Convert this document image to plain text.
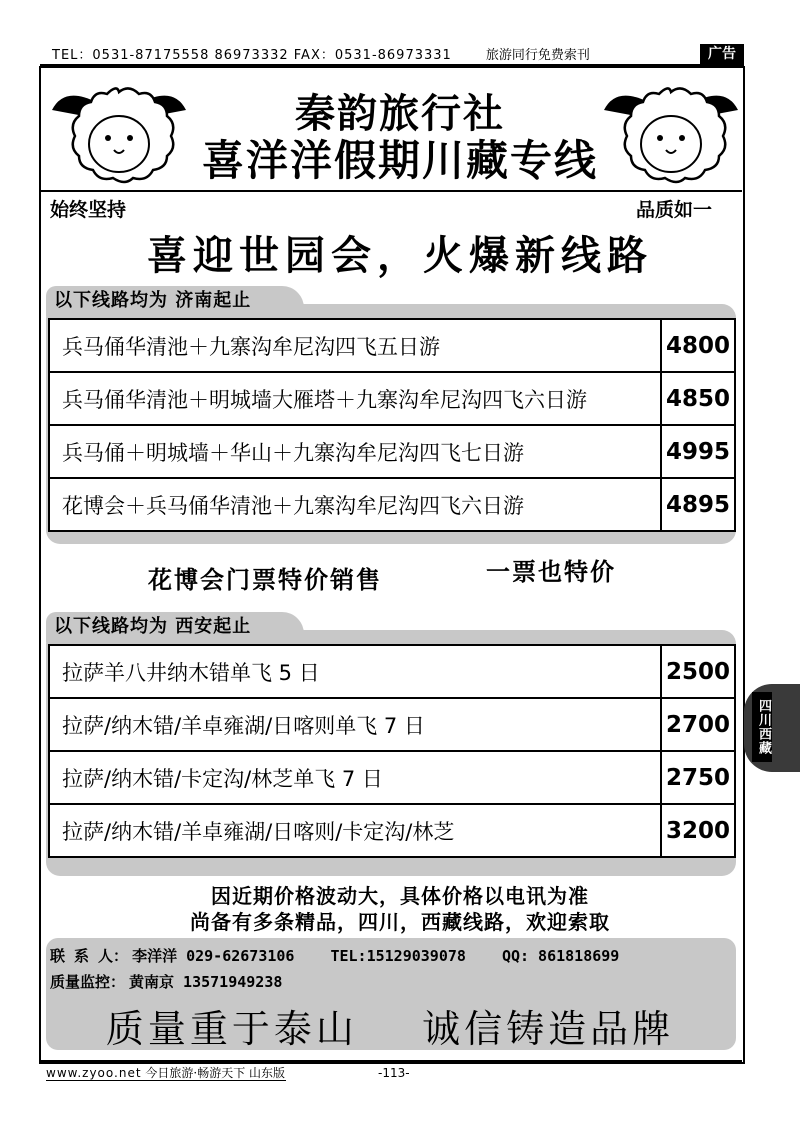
TEL：0531-87175558 86973332 FAX：0531-86973331	旅游同行免费索刊	广告
秦韵旅行社
喜洋洋假期川藏专线
始终坚持	品质如一
喜迎世园会，火爆新线路
以下线路均为 济南起止
兵马俑华清池＋九寨沟牟尼沟四飞五日游	4800
兵马俑华清池＋明城墙大雁塔＋九寨沟牟尼沟四飞六日游	4850
兵马俑＋明城墙＋华山＋九寨沟牟尼沟四飞七日游	4995
花博会＋兵马俑华清池＋九寨沟牟尼沟四飞六日游	4895
花博会门票特价销售	一票也特价
以下线路均为 西安起止
拉萨羊八井纳木错单飞 5 日	2500
拉萨/纳木错/羊卓雍湖/日喀则单飞 7 日	2700
拉萨/纳木错/卡定沟/林芝单飞 7 日	2750
拉萨/纳木错/羊卓雍湖/日喀则/卡定沟/林芝	3200
四川西藏
因近期价格波动大，具体价格以电讯为准
尚备有多条精品，四川，西藏线路，欢迎索取
联 系 人： 李洋洋 029-62673106 TEL:15129039078 QQ: 861818699
质量监控： 黄南京 13571949238
质量重于泰山    诚信铸造品牌
www.zyoo.net 今日旅游·畅游天下 山东版	-113-
